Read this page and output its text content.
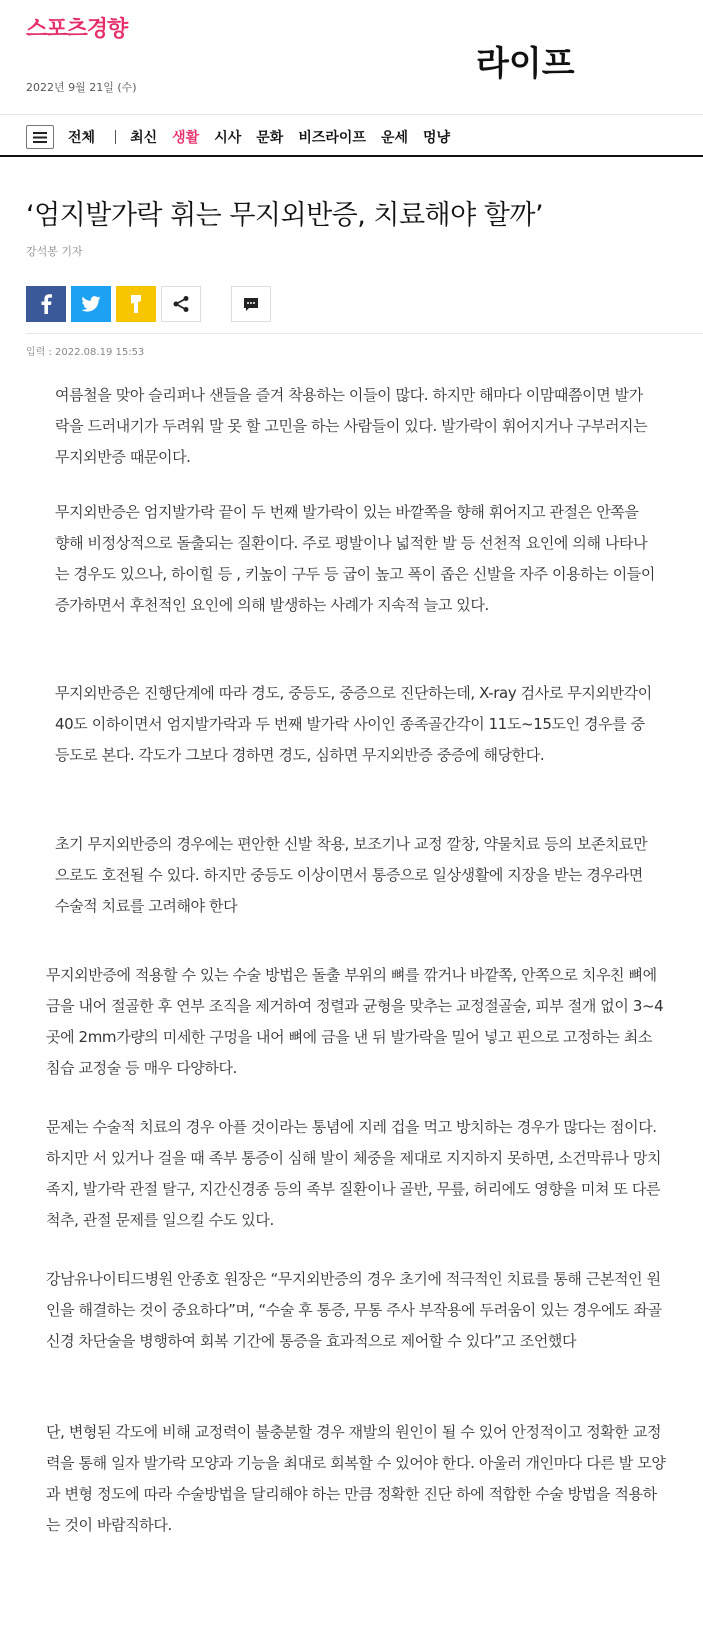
스포츠경향
2022년 9월 21일 (수)
라이프
전체	최신 생활 시사 문화 비즈라이프 운세 멍냥
‘엄지발가락 휘는 무지외반증, 치료해야 할까’
강석봉 기자
입력 : 2022.08.19 15:53

여름철을 맞아 슬리퍼나 샌들을 즐겨 착용하는 이들이 많다. 하지만 해마다 이맘때쯤이면 발가락을 드러내기가 두려워 말 못 할 고민을 하는 사람들이 있다. 발가락이 휘어지거나 구부러지는 무지외반증 때문이다.

무지외반증은 엄지발가락 끝이 두 번째 발가락이 있는 바깥쪽을 향해 휘어지고 관절은 안쪽을 향해 비정상적으로 돌출되는 질환이다. 주로 평발이나 넓적한 발 등 선천적 요인에 의해 나타나는 경우도 있으나, 하이힐 등 , 키높이 구두 등 굽이 높고 폭이 좁은 신발을 자주 이용하는 이들이 증가하면서 후천적인 요인에 의해 발생하는 사례가 지속적 늘고 있다.

무지외반증은 진행단계에 따라 경도, 중등도, 중증으로 진단하는데, X-ray 검사로 무지외반각이 40도 이하이면서 엄지발가락과 두 번째 발가락 사이인 종족골간각이 11도~15도인 경우를 중등도로 본다. 각도가 그보다 경하면 경도, 심하면 무지외반증 중증에 해당한다.

초기 무지외반증의 경우에는 편안한 신발 착용, 보조기나 교정 깔창, 약물치료 등의 보존치료만으로도 호전될 수 있다. 하지만 중등도 이상이면서 통증으로 일상생활에 지장을 받는 경우라면 수술적 치료를 고려해야 한다

무지외반증에 적용할 수 있는 수술 방법은 돌출 부위의 뼈를 깎거나 바깥쪽, 안쪽으로 치우친 뼈에 금을 내어 절골한 후 연부 조직을 제거하여 정렬과 균형을 맞추는 교정절골술, 피부 절개 없이 3~4곳에 2mm가량의 미세한 구멍을 내어 뼈에 금을 낸 뒤 발가락을 밀어 넣고 핀으로 고정하는 최소침습 교정술 등 매우 다양하다.

문제는 수술적 치료의 경우 아플 것이라는 통념에 지레 겁을 먹고 방치하는 경우가 많다는 점이다. 하지만 서 있거나 걸을 때 족부 통증이 심해 발이 체중을 제대로 지지하지 못하면, 소건막류나 망치 족지, 발가락 관절 탈구, 지간신경종 등의 족부 질환이나 골반, 무릎, 허리에도 영향을 미쳐 또 다른 척추, 관절 문제를 일으킬 수도 있다.

강남유나이티드병원 안종호 원장은 “무지외반증의 경우 초기에 적극적인 치료를 통해 근본적인 원인을 해결하는 것이 중요하다”며, “수술 후 통증, 무통 주사 부작용에 두려움이 있는 경우에도 좌골 신경 차단술을 병행하여 회복 기간에 통증을 효과적으로 제어할 수 있다”고 조언했다

단, 변형된 각도에 비해 교정력이 불충분할 경우 재발의 원인이 될 수 있어 안정적이고 정확한 교정력을 통해 일자 발가락 모양과 기능을 최대로 회복할 수 있어야 한다. 아울러 개인마다 다른 발 모양과 변형 정도에 따라 수술방법을 달리해야 하는 만큼 정확한 진단 하에 적합한 수술 방법을 적용하는 것이 바람직하다.
